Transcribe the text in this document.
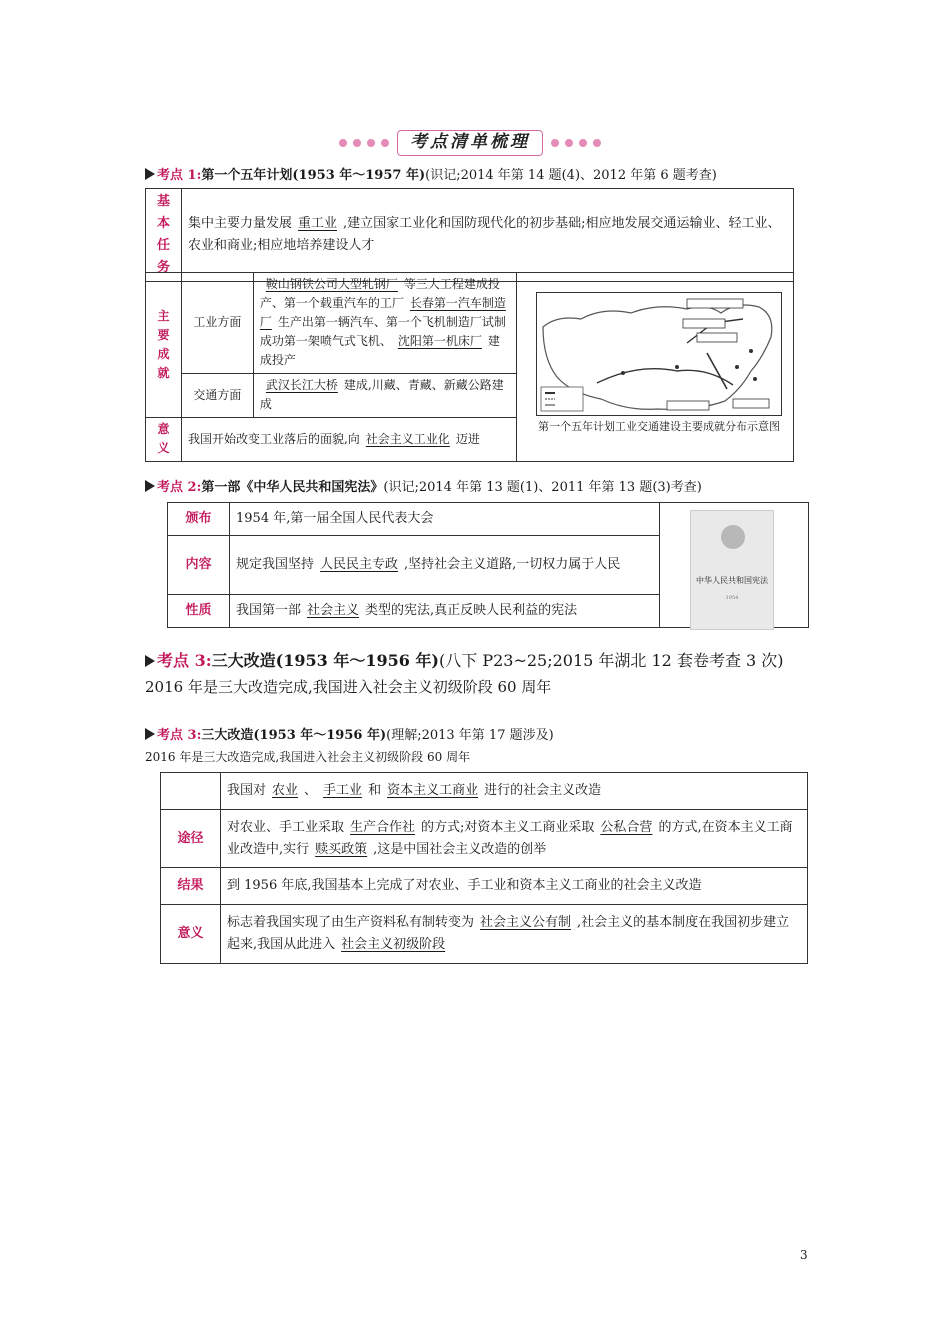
考点清单梳理
考点 1:第一个五年计划(1953 年～1957 年)(识记;2014 年第 14 题(4)、2012 年第 6 题考查)
基本任务	集中主要力量发展 重工业 ,建立国家工业化和国防现代化的初步基础;相应地发展交通运输业、轻工业、农业和商业;相应地培养建设人才
主要成就	工业方面	鞍山钢铁公司大型轧钢厂 等三大工程建成投产、第一个载重汽车的工厂 长春第一汽车制造厂 生产出第一辆汽车、第一个飞机制造厂试制成功第一架喷气式飞机、 沈阳第一机床厂 建成投产	
	交通方面	武汉长江大桥 建成,川藏、青藏、新藏公路建成	
意义	我国开始改变工业落后的面貌,向 社会主义工业化 迈进		
第一个五年计划工业交通建设主要成就分布示意图
考点 2:第一部《中华人民共和国宪法》(识记;2014 年第 13 题(1)、2011 年第 13 题(3)考查)
颁布	1954 年,第一届全国人民代表大会	
内容	规定我国坚持 人民民主专政 ,坚持社会主义道路,一切权力属于人民	
性质	我国第一部 社会主义 类型的宪法,真正反映人民利益的宪法	
中华人民共和国宪法
1954
考点 3:三大改造(1953 年～1956 年)(八下 P23~25;2015 年湖北 12 套卷考查 3 次)
2016 年是三大改造完成,我国进入社会主义初级阶段 60 周年
考点 3:三大改造(1953 年～1956 年)(理解;2013 年第 17 题涉及)
2016 年是三大改造完成,我国进入社会主义初级阶段 60 周年
	我国对 农业 、 手工业 和 资本主义工商业 进行的社会主义改造
途径	对农业、手工业采取 生产合作社 的方式;对资本主义工商业采取 公私合营 的方式,在资本主义工商业改造中,实行 赎买政策 ,这是中国社会主义改造的创举
结果	到 1956 年底,我国基本上完成了对农业、手工业和资本主义工商业的社会主义改造
意义	标志着我国实现了由生产资料私有制转变为 社会主义公有制 ,社会主义的基本制度在我国初步建立起来,我国从此进入 社会主义初级阶段
3
